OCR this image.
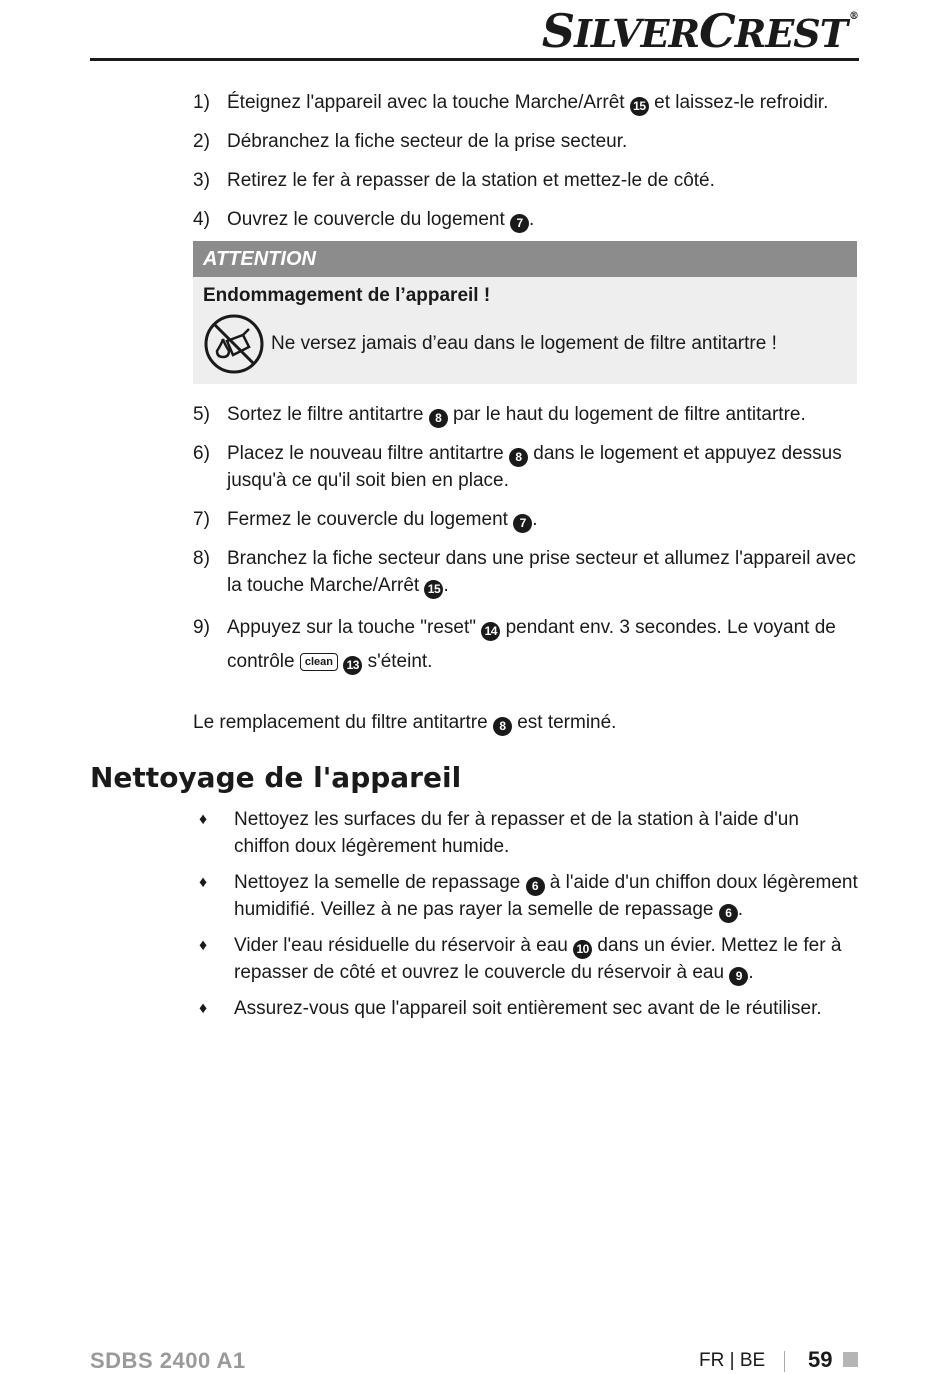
SILVERCREST ®
1) Éteignez l'appareil avec la touche Marche/Arrêt 15 et laissez-le refroidir.
2) Débranchez la fiche secteur de la prise secteur.
3) Retirez le fer à repasser de la station et mettez-le de côté.
4) Ouvrez le couvercle du logement 7 .
ATTENTION
Endommagement de l’appareil !
Ne versez jamais d’eau dans le logement de filtre antitartre !
5) Sortez le filtre antitartre 8 par le haut du logement de filtre antitartre.
6) Placez le nouveau filtre antitartre 8 dans le logement et appuyez dessus jusqu'à ce qu'il soit bien en place.
7) Fermez le couvercle du logement 7 .
8) Branchez la fiche secteur dans une prise secteur et allumez l'appareil avec la touche Marche/Arrêt 15 .
9) Appuyez sur la touche "reset" 14 pendant env. 3 secondes. Le voyant de contrôle clean 13 s'éteint.
Le remplacement du filtre antitartre 8 est terminé.
Nettoyage de l'appareil
♦	Nettoyez les surfaces du fer à repasser et de la station à l'aide d'un chiffon doux légèrement humide.
♦	Nettoyez la semelle de repassage 6 à l'aide d'un chiffon doux légèrement humidifié. Veillez à ne pas rayer la semelle de repassage 6 .
♦	Vider l'eau résiduelle du réservoir à eau 10 dans un évier. Mettez le fer à repasser de côté et ouvrez le couvercle du réservoir à eau 9 .
♦	Assurez-vous que l'appareil soit entièrement sec avant de le réutiliser.
SDBS 2400 A1	FR | BE 59
